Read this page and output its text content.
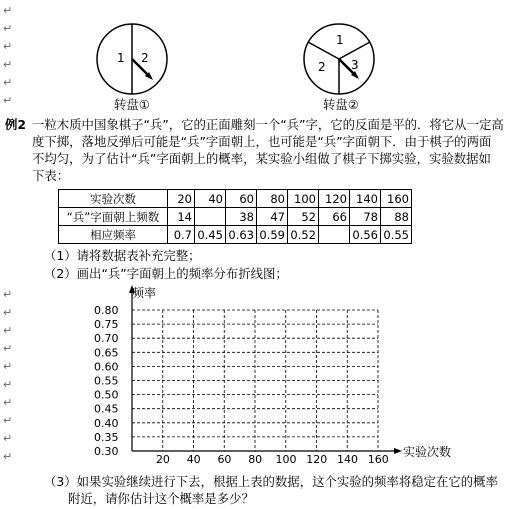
↵
↵
↵
↵
↵
↵
↵
↵
↵
↵
↵
↵
↵
↵
↵
↵
1 2
转盘①
1
2 3
转盘②
例2 一粒木质中国象棋子“兵”，它的正面雕刻一个“兵”字，它的反面是平的．将它从一定高
度下掷，落地反弹后可能是“兵”字面朝上，也可能是“兵”字面朝下．由于棋子的两面
不均匀，为了估计“兵”字面朝上的概率，某实验小组做了棋子下掷实验，实验数据如
下表：
实验次数	20	40	60	80	100	120	140	160
“兵”字面朝上频数	14		38	47	52	66	78	88
相应频率	0.7	0.45	0.63	0.59	0.52		0.56	0.55
（1）请将数据表补充完整；
（2）画出“兵”字面朝上的频率分布折线图；
0.80
0.75
0.70
0.65
0.60
0.55
0.50
0.45
0.40
0.35
0.30
20 40 60 80 100 120 140 160
频率
实验次数
（3）如果实验继续进行下去，根据上表的数据，这个实验的频率将稳定在它的概率
附近，请你估计这个概率是多少？
